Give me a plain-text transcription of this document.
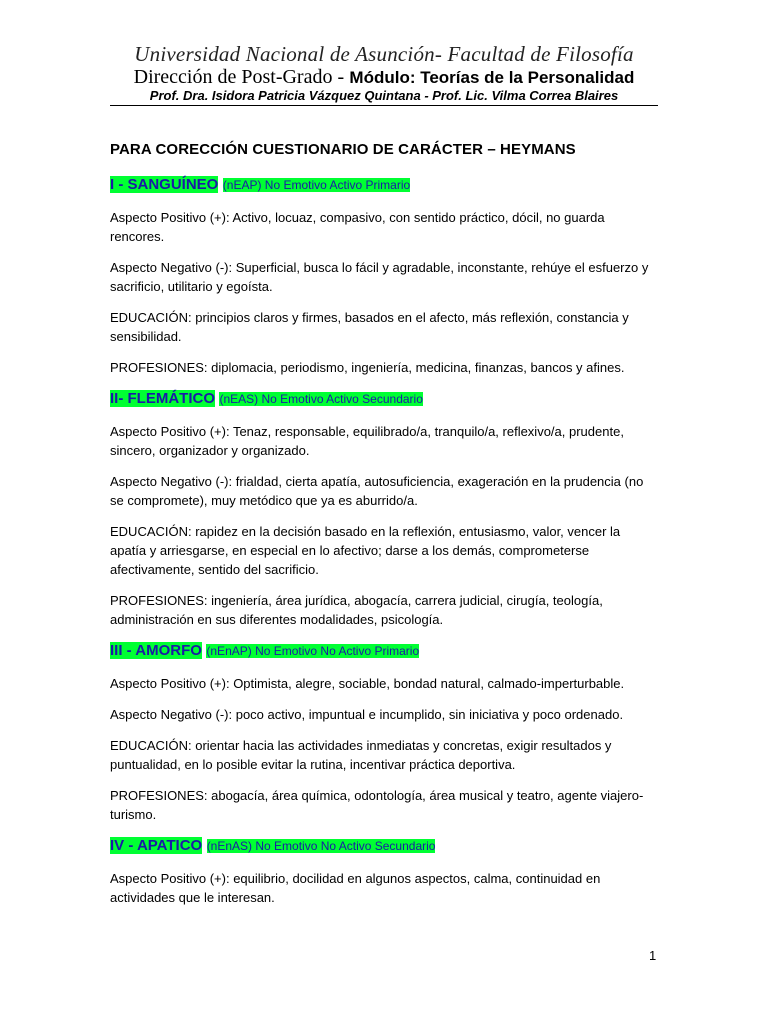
Universidad Nacional de Asunción- Facultad de Filosofía
Dirección de Post-Grado - Módulo: Teorías de la Personalidad
Prof. Dra. Isidora Patricia Vázquez Quintana - Prof. Lic. Vilma Correa Blaires
PARA CORECCIÓN CUESTIONARIO DE CARÁCTER – HEYMANS
I - SANGUÍNEO (nEAP) No Emotivo Activo Primario

Aspecto Positivo (+): Activo, locuaz, compasivo, con sentido práctico, dócil, no guarda rencores.

Aspecto Negativo (-): Superficial, busca lo fácil y agradable, inconstante, rehúye el esfuerzo y sacrificio, utilitario y egoísta.

EDUCACIÓN: principios claros y firmes, basados en el afecto, más reflexión, constancia y sensibilidad.

PROFESIONES: diplomacia, periodismo, ingeniería, medicina, finanzas, bancos y afines.

II- FLEMÁTICO (nEAS) No Emotivo Activo Secundario

Aspecto Positivo (+): Tenaz, responsable, equilibrado/a, tranquilo/a, reflexivo/a, prudente, sincero, organizador y organizado.

Aspecto Negativo (-): frialdad, cierta apatía, autosuficiencia, exageración en la prudencia (no se compromete), muy metódico que ya es aburrido/a.

EDUCACIÓN: rapidez en la decisión basado en la reflexión, entusiasmo, valor, vencer la apatía y arriesgarse, en especial en lo afectivo; darse a los demás, comprometerse afectivamente, sentido del sacrificio.

PROFESIONES: ingeniería, área jurídica, abogacía, carrera judicial, cirugía, teología, administración en sus diferentes modalidades, psicología.

III - AMORFO (nEnAP) No Emotivo No Activo Primario

Aspecto Positivo (+): Optimista, alegre, sociable, bondad natural, calmado-imperturbable.

Aspecto Negativo (-): poco activo, impuntual e incumplido, sin iniciativa y poco ordenado.

EDUCACIÓN: orientar hacia las actividades inmediatas y concretas, exigir resultados y puntualidad, en lo posible evitar la rutina, incentivar práctica deportiva.

PROFESIONES: abogacía, área química, odontología, área musical y teatro, agente viajero-turismo.

IV - APATICO (nEnAS) No Emotivo No Activo Secundario

Aspecto Positivo (+): equilibrio, docilidad en algunos aspectos, calma, continuidad en actividades que le interesan.

1
